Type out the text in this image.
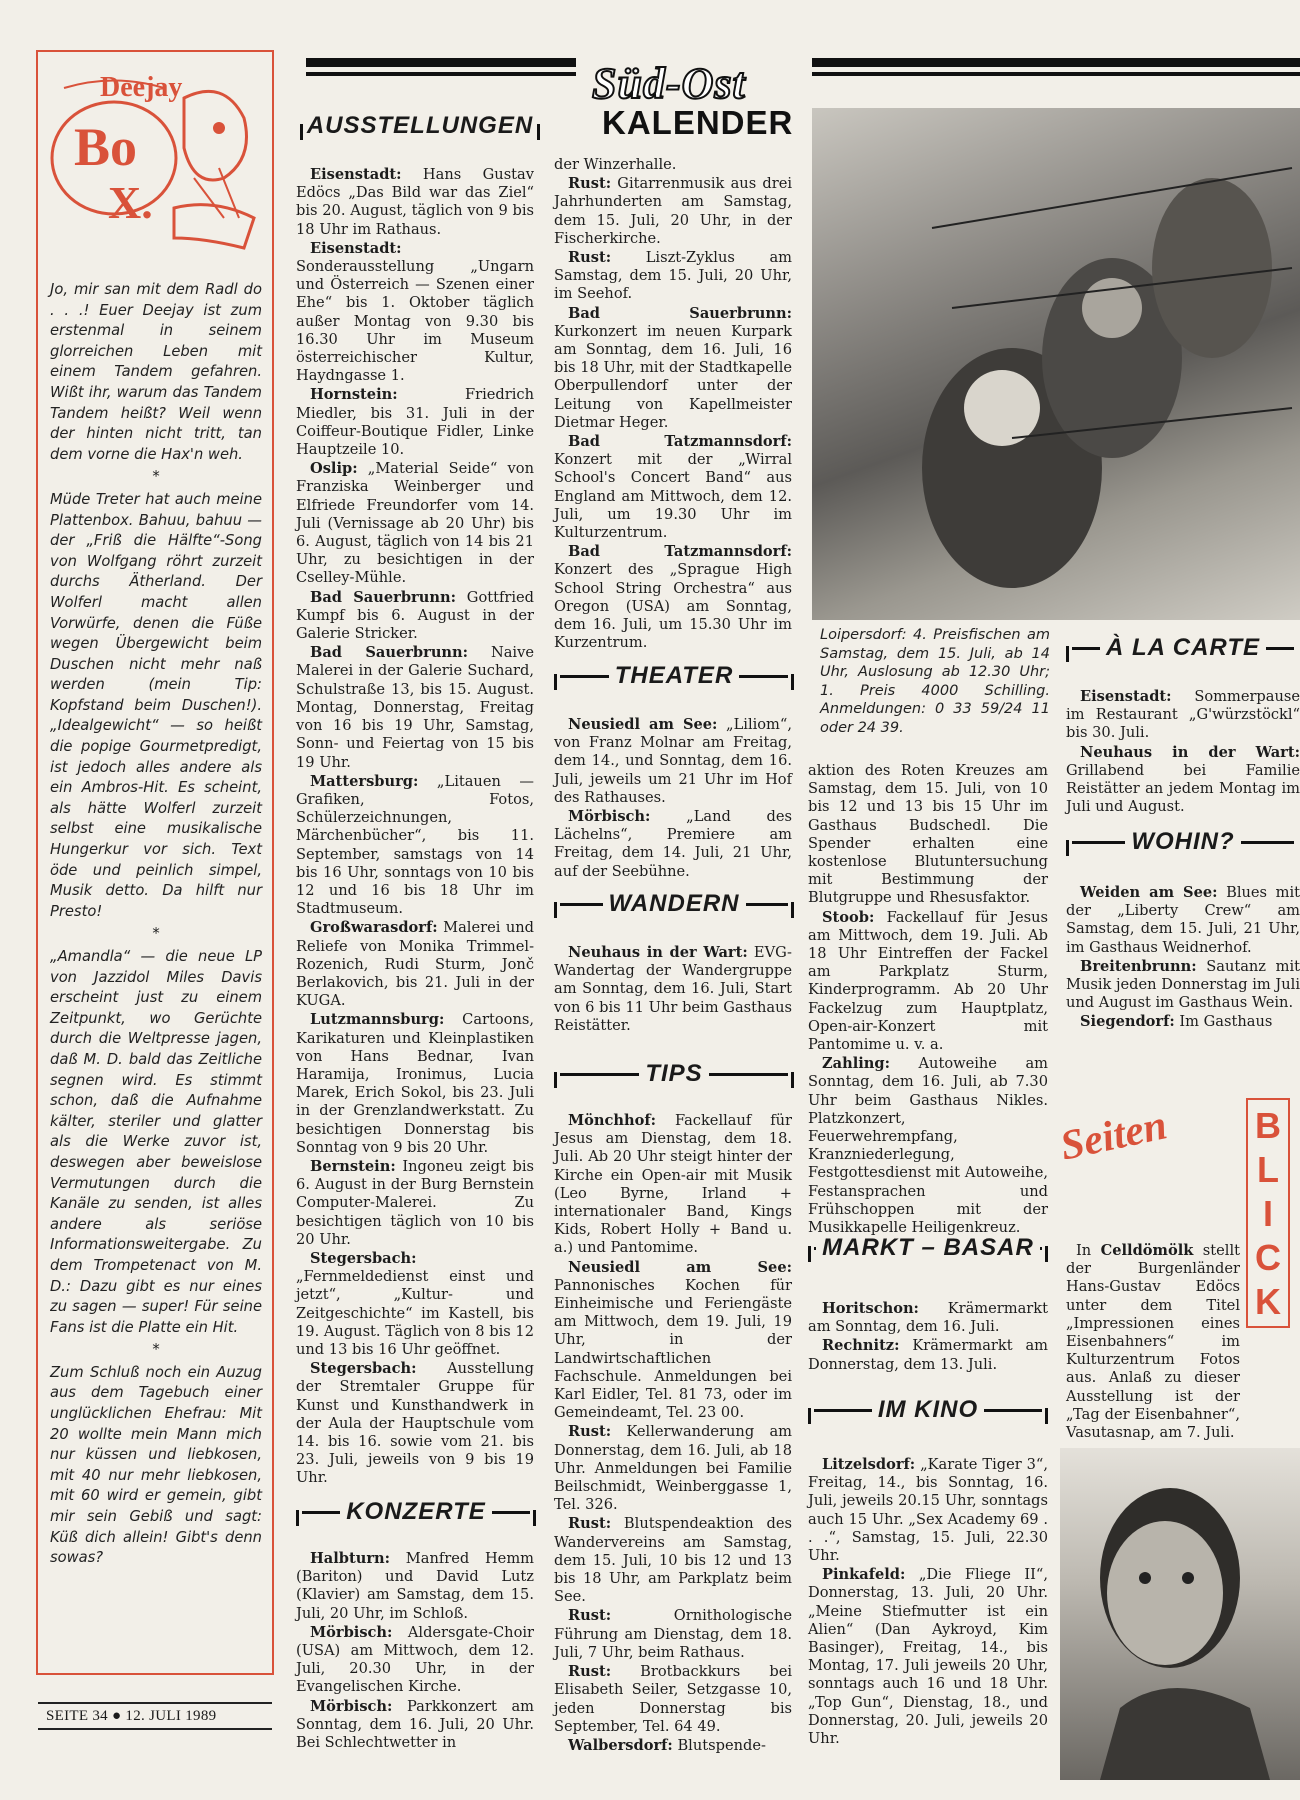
Deejay
Bo
X.

Jo, mir san mit dem Radl do . . .! Euer Deejay ist zum erstenmal in seinem glorreichen Leben mit einem Tandem gefahren. Wißt ihr, warum das Tandem Tandem heißt? Weil wenn der hinten nicht tritt, tan dem vorne die Hax'n weh.

*

Müde Treter hat auch meine Plattenbox. Bahuu, bahuu — der „Friß die Hälfte“-Song von Wolfgang röhrt zurzeit durchs Ätherland. Der Wolferl macht allen Vorwürfe, denen die Füße wegen Übergewicht beim Duschen nicht mehr naß werden (mein Tip: Kopfstand beim Duschen!). „Idealgewicht“ — so heißt die popige Gourmetpredigt, ist jedoch alles andere als ein Ambros-Hit. Es scheint, als hätte Wolferl zurzeit selbst eine musikalische Hungerkur vor sich. Text öde und peinlich simpel, Musik detto. Da hilft nur Presto!

*

„Amandla“ — die neue LP von Jazzidol Miles Davis erscheint just zu einem Zeitpunkt, wo Gerüchte durch die Weltpresse jagen, daß M. D. bald das Zeitliche segnen wird. Es stimmt schon, daß die Aufnahme kälter, steriler und glatter als die Werke zuvor ist, deswegen aber beweislose Vermutungen durch die Kanäle zu senden, ist alles andere als seriöse Informationsweitergabe. Zu dem Trompetenact von M. D.: Dazu gibt es nur eines zu sagen — super! Für seine Fans ist die Platte ein Hit.

*

Zum Schluß noch ein Auzug aus dem Tagebuch einer unglücklichen Ehefrau: Mit 20 wollte mein Mann mich nur küssen und liebkosen, mit 40 nur mehr liebkosen, mit 60 wird er gemein, gibt mir sein Gebiß und sagt: Küß dich allein! Gibt's denn sowas?

SEITE 34 ● 12. JULI 1989
Süd-Ost
KALENDER
AUSSTELLUNGEN

Eisenstadt: Hans Gustav Edöcs „Das Bild war das Ziel“ bis 20. August, täglich von 9 bis 18 Uhr im Rathaus.

Eisenstadt: Sonderausstellung „Ungarn und Österreich — Szenen einer Ehe“ bis 1. Oktober täglich außer Montag von 9.30 bis 16.30 Uhr im Museum österreichischer Kultur, Haydngasse 1.

Hornstein: Friedrich Miedler, bis 31. Juli in der Coiffeur-Boutique Fidler, Linke Hauptzeile 10.

Oslip: „Material Seide“ von Franziska Weinberger und Elfriede Freundorfer vom 14. Juli (Vernissage ab 20 Uhr) bis 6. August, täglich von 14 bis 21 Uhr, zu besichtigen in der Cselley-Mühle.

Bad Sauerbrunn: Gottfried Kumpf bis 6. August in der Galerie Stricker.

Bad Sauerbrunn: Naive Malerei in der Galerie Suchard, Schulstraße 13, bis 15. August. Montag, Donnerstag, Freitag von 16 bis 19 Uhr, Samstag, Sonn- und Feiertag von 15 bis 19 Uhr.

Mattersburg: „Litauen — Grafiken, Fotos, Schülerzeichnungen, Märchenbücher“, bis 11. September, samstags von 14 bis 16 Uhr, sonntags von 10 bis 12 und 16 bis 18 Uhr im Stadtmuseum.

Großwarasdorf: Malerei und Reliefe von Monika Trimmel-Rozenich, Rudi Sturm, Jonč Berlakovich, bis 21. Juli in der KUGA.

Lutzmannsburg: Cartoons, Karikaturen und Kleinplastiken von Hans Bednar, Ivan Haramija, Ironimus, Lucia Marek, Erich Sokol, bis 23. Juli in der Grenzlandwerkstatt. Zu besichtigen Donnerstag bis Sonntag von 9 bis 20 Uhr.

Bernstein: Ingoneu zeigt bis 6. August in der Burg Bernstein Computer-Malerei. Zu besichtigen täglich von 10 bis 20 Uhr.

Stegersbach: „Fernmeldedienst einst und jetzt“, „Kultur- und Zeitgeschichte“ im Kastell, bis 19. August. Täglich von 8 bis 12 und 13 bis 16 Uhr geöffnet.

Stegersbach: Ausstellung der Stremtaler Gruppe für Kunst und Kunsthandwerk in der Aula der Hauptschule vom 14. bis 16. sowie vom 21. bis 23. Juli, jeweils von 9 bis 19 Uhr.

KONZERTE

Halbturn: Manfred Hemm (Bariton) und David Lutz (Klavier) am Samstag, dem 15. Juli, 20 Uhr, im Schloß.

Mörbisch: Aldersgate-Choir (USA) am Mittwoch, dem 12. Juli, 20.30 Uhr, in der Evangelischen Kirche.

Mörbisch: Parkkonzert am Sonntag, dem 16. Juli, 20 Uhr. Bei Schlechtwetter in

der Winzerhalle.

Rust: Gitarrenmusik aus drei Jahrhunderten am Samstag, dem 15. Juli, 20 Uhr, in der Fischerkirche.

Rust: Liszt-Zyklus am Samstag, dem 15. Juli, 20 Uhr, im Seehof.

Bad Sauerbrunn: Kurkonzert im neuen Kurpark am Sonntag, dem 16. Juli, 16 bis 18 Uhr, mit der Stadtkapelle Oberpullendorf unter der Leitung von Kapellmeister Dietmar Heger.

Bad Tatzmannsdorf: Konzert mit der „Wirral School's Concert Band“ aus England am Mittwoch, dem 12. Juli, um 19.30 Uhr im Kulturzentrum.

Bad Tatzmannsdorf: Konzert des „Sprague High School String Orchestra“ aus Oregon (USA) am Sonntag, dem 16. Juli, um 15.30 Uhr im Kurzentrum.

THEATER

Neusiedl am See: „Liliom“, von Franz Molnar am Freitag, dem 14., und Sonntag, dem 16. Juli, jeweils um 21 Uhr im Hof des Rathauses.

Mörbisch: „Land des Lächelns“, Premiere am Freitag, dem 14. Juli, 21 Uhr, auf der Seebühne.

WANDERN

Neuhaus in der Wart: EVG-Wandertag der Wandergruppe am Sonntag, dem 16. Juli, Start von 6 bis 11 Uhr beim Gasthaus Reistätter.

TIPS

Mönchhof: Fackellauf für Jesus am Dienstag, dem 18. Juli. Ab 20 Uhr steigt hinter der Kirche ein Open-air mit Musik (Leo Byrne, Irland + internationaler Band, Kings Kids, Robert Holly + Band u. a.) und Pantomime.

Neusiedl am See: Pannonisches Kochen für Einheimische und Feriengäste am Mittwoch, dem 19. Juli, 19 Uhr, in der Landwirtschaftlichen Fachschule. Anmeldungen bei Karl Eidler, Tel. 81 73, oder im Gemeindeamt, Tel. 23 00.

Rust: Kellerwanderung am Donnerstag, dem 16. Juli, ab 18 Uhr. Anmeldungen bei Familie Beilschmidt, Weinberggasse 1, Tel. 326.

Rust: Blutspendeaktion des Wandervereins am Samstag, dem 15. Juli, 10 bis 12 und 13 bis 18 Uhr, am Parkplatz beim See.

Rust: Ornithologische Führung am Dienstag, dem 18. Juli, 7 Uhr, beim Rathaus.

Rust: Brotbackkurs bei Elisabeth Seiler, Setzgasse 10, jeden Donnerstag bis September, Tel. 64 49.

Walbersdorf: Blutspende-

Loipersdorf: 4. Preisfischen am Samstag, dem 15. Juli, ab 14 Uhr, Auslosung ab 12.30 Uhr; 1. Preis 4000 Schilling. Anmeldungen: 0 33 59/24 11 oder 24 39.

aktion des Roten Kreuzes am Samstag, dem 15. Juli, von 10 bis 12 und 13 bis 15 Uhr im Gasthaus Budschedl. Die Spender erhalten eine kostenlose Blutuntersuchung mit Bestimmung der Blutgruppe und Rhesusfaktor.

Stoob: Fackellauf für Jesus am Mittwoch, dem 19. Juli. Ab 18 Uhr Eintreffen der Fackel am Parkplatz Sturm, Kinderprogramm. Ab 20 Uhr Fackelzug zum Hauptplatz, Open-air-Konzert mit Pantomime u. v. a.

Zahling: Autoweihe am Sonntag, dem 16. Juli, ab 7.30 Uhr beim Gasthaus Nikles. Platzkonzert, Feuerwehrempfang, Kranzniederlegung, Festgottesdienst mit Autoweihe, Festansprachen und Frühschoppen mit der Musikkapelle Heiligenkreuz.

MARKT – BASAR

Horitschon: Krämermarkt am Sonntag, dem 16. Juli.

Rechnitz: Krämermarkt am Donnerstag, dem 13. Juli.

IM KINO

Litzelsdorf: „Karate Tiger 3“, Freitag, 14., bis Sonntag, 16. Juli, jeweils 20.15 Uhr, sonntags auch 15 Uhr. „Sex Academy 69 . . .“, Samstag, 15. Juli, 22.30 Uhr.

Pinkafeld: „Die Fliege II“, Donnerstag, 13. Juli, 20 Uhr. „Meine Stiefmutter ist ein Alien“ (Dan Aykroyd, Kim Basinger), Freitag, 14., bis Montag, 17. Juli jeweils 20 Uhr, sonntags auch 16 und 18 Uhr. „Top Gun“, Dienstag, 18., und Donnerstag, 20. Juli, jeweils 20 Uhr.

À LA CARTE

Eisenstadt: Sommerpause im Restaurant „G'würzstöckl“ bis 30. Juli.

Neuhaus in der Wart: Grillabend bei Familie Reistätter an jedem Montag im Juli und August.

WOHIN?

Weiden am See: Blues mit der „Liberty Crew“ am Samstag, dem 15. Juli, 21 Uhr, im Gasthaus Weidnerhof.

Breitenbrunn: Sautanz mit Musik jeden Donnerstag im Juli und August im Gasthaus Wein.

Siegendorf: Im Gasthaus

Seiten B L I C K

In Celldömölk stellt der Burgenländer Hans-Gustav Edöcs unter dem Titel „Impressionen eines Eisenbahners“ im Kulturzentrum Fotos aus. Anlaß zu dieser Ausstellung ist der „Tag der Eisenbahner“, Vasutasnap, am 7. Juli.
